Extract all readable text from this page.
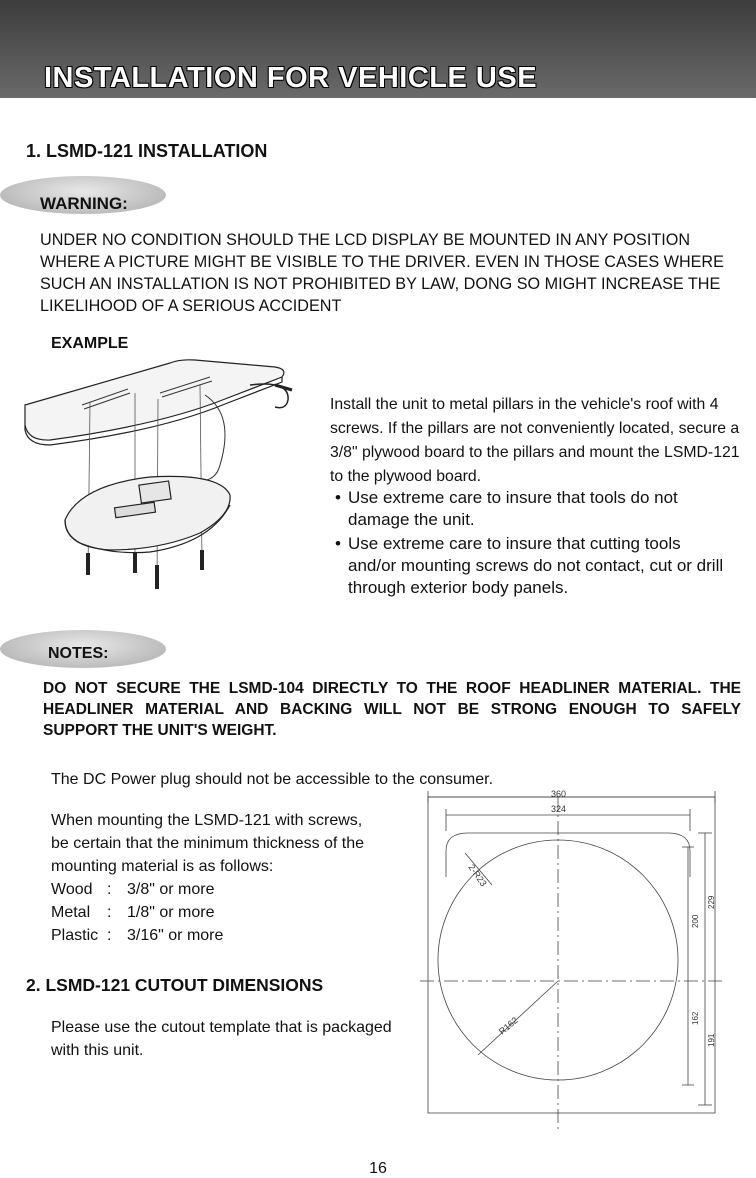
INSTALLATION FOR VEHICLE USE
1. LSMD-121 INSTALLATION
WARNING:
UNDER NO CONDITION SHOULD THE LCD DISPLAY BE MOUNTED IN ANY POSITION
WHERE A PICTURE MIGHT BE VISIBLE TO THE DRIVER. EVEN IN THOSE CASES WHERE
SUCH AN INSTALLATION IS NOT PROHIBITED BY LAW, DONG SO MIGHT INCREASE THE
LIKELIHOOD OF A SERIOUS ACCIDENT
EXAMPLE
Install the unit to metal pillars in the vehicle's roof with 4
screws. If the pillars are not conveniently located, secure a
3/8" plywood board to the pillars and mount the LSMD-121
to the plywood board.
• Use extreme care to insure that tools do not
damage the unit.
• Use extreme care to insure that cutting tools
and/or mounting screws do not contact, cut or drill
through exterior body panels.
NOTES:
DO NOT SECURE THE LSMD-104 DIRECTLY TO THE ROOF HEADLINER MATERIAL. THE
HEADLINER MATERIAL AND BACKING WILL NOT BE STRONG ENOUGH TO SAFELY
SUPPORT THE UNIT'S WEIGHT.
The DC Power plug should not be accessible to the consumer.
When mounting the LSMD-121 with screws,
be certain that the minimum thickness of the
mounting material is as follows:
Wood : 3/8" or more
Metal : 1/8" or more
Plastic : 3/16" or more
2. LSMD-121 CUTOUT DIMENSIONS
Please use the cutout template that is packaged
with this unit.
360
324
2-R23
R162
229
200
162
191
16
